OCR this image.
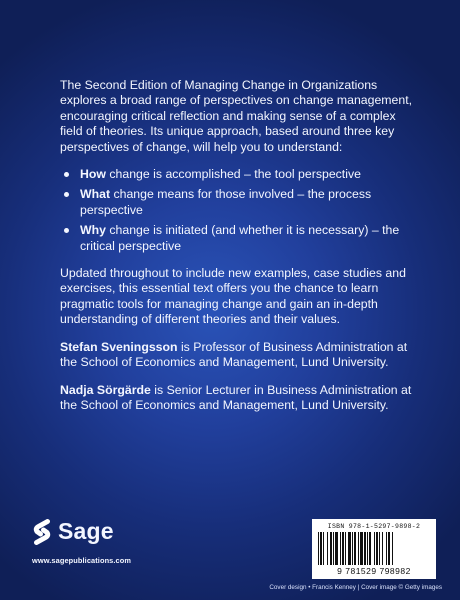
The Second Edition of Managing Change in Organizations explores a broad range of perspectives on change management, encouraging critical reflection and making sense of a complex field of theories. Its unique approach, based around three key perspectives of change, will help you to understand:

How change is accomplished – the tool perspective
What change means for those involved – the process perspective
Why change is initiated (and whether it is necessary) – the critical perspective

Updated throughout to include new examples, case studies and exercises, this essential text offers you the chance to learn pragmatic tools for managing change and gain an in-depth understanding of different theories and their values.

Stefan Sveningsson is Professor of Business Administration at the School of Economics and Management, Lund University.

Nadja Sörgärde is Senior Lecturer in Business Administration at the School of Economics and Management, Lund University.

Sage
www.sagepublications.com
ISBN 978-1-5297-9898-2
9 781529 798982
Cover design • Francis Kenney | Cover image © Getty images
